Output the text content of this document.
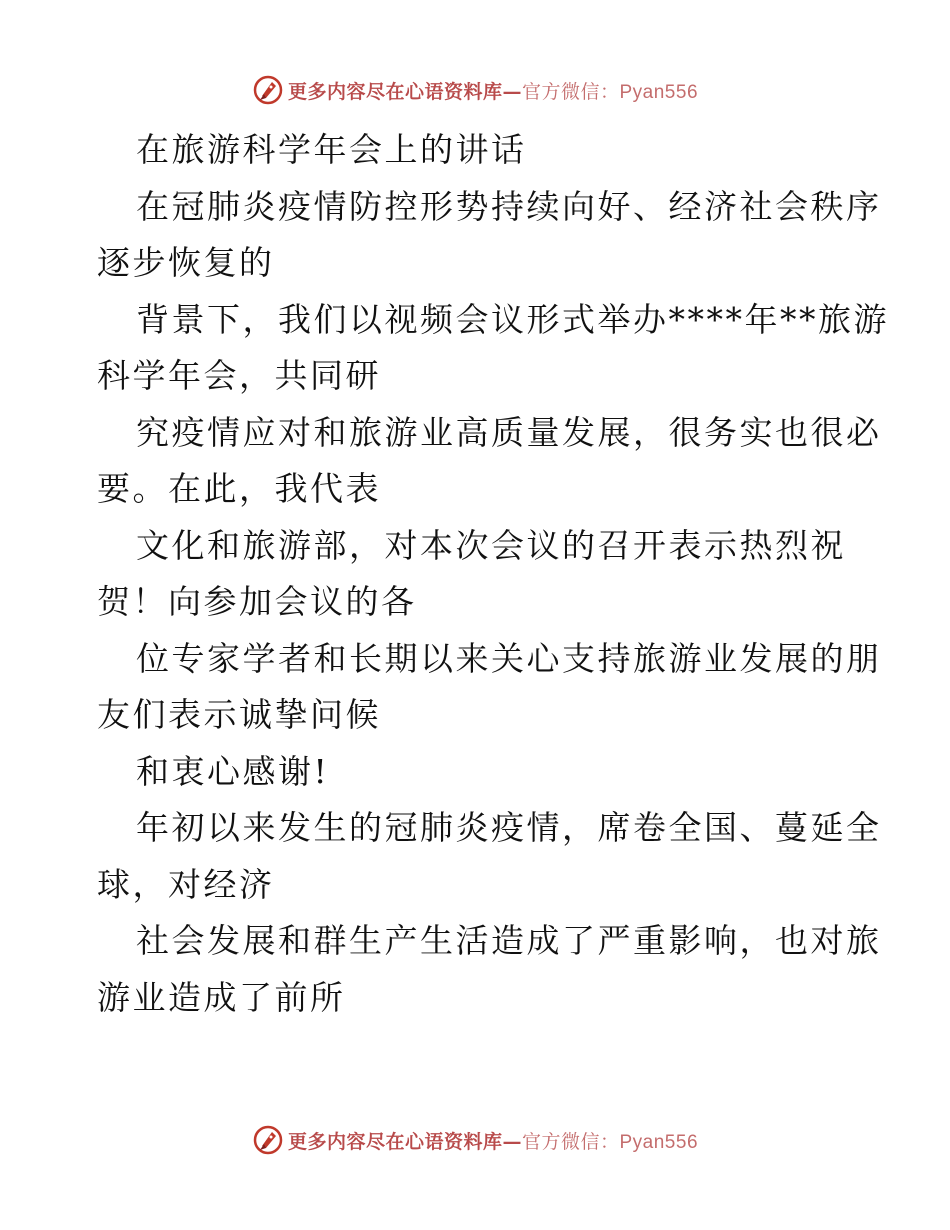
更多内容尽在心语资料库—官方微信：Pyan556
在旅游科学年会上的讲话
在冠肺炎疫情防控形势持续向好、经济社会秩序
逐步恢复的
背景下，我们以视频会议形式举办****年**旅游
科学年会，共同研
究疫情应对和旅游业高质量发展，很务实也很必
要。在此，我代表
文化和旅游部，对本次会议的召开表示热烈祝
贺！向参加会议的各
位专家学者和长期以来关心支持旅游业发展的朋
友们表示诚挚问候
和衷心感谢!
年初以来发生的冠肺炎疫情，席卷全国、蔓延全
球，对经济
社会发展和群生产生活造成了严重影响，也对旅
游业造成了前所
更多内容尽在心语资料库—官方微信：Pyan556
